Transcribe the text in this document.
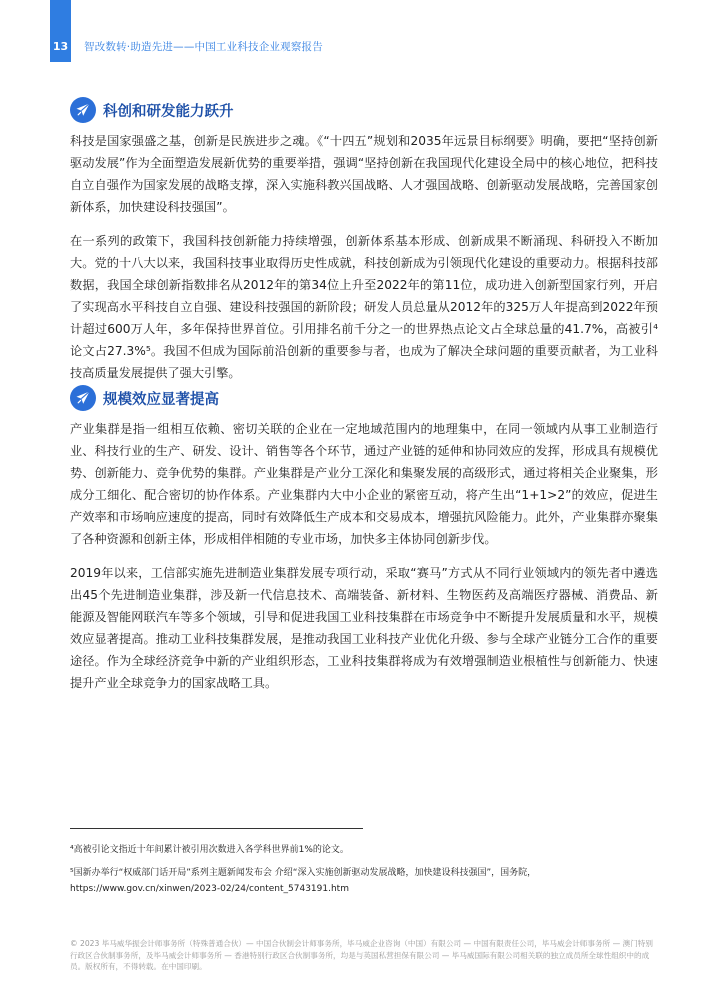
13 智改数转·助造先进——中国工业科技企业观察报告
科创和研发能力跃升

科技是国家强盛之基，创新是民族进步之魂。《“十四五”规划和2035年远景目标纲要》明确，要把“坚持创新驱动发展”作为全面塑造发展新优势的重要举措，强调“坚持创新在我国现代化建设全局中的核心地位，把科技自立自强作为国家发展的战略支撑，深入实施科教兴国战略、人才强国战略、创新驱动发展战略，完善国家创新体系，加快建设科技强国”。

在一系列的政策下，我国科技创新能力持续增强，创新体系基本形成、创新成果不断涌现、科研投入不断加大。党的十八大以来，我国科技事业取得历史性成就，科技创新成为引领现代化建设的重要动力。根据科技部数据，我国全球创新指数排名从2012年的第34位上升至2022年的第11位，成功进入创新型国家行列，开启了实现高水平科技自立自强、建设科技强国的新阶段；研发人员总量从2012年的325万人年提高到2022年预计超过600万人年，多年保持世界首位。引用排名前千分之一的世界热点论文占全球总量的41.7%，高被引⁴论文占27.3%⁵。我国不但成为国际前沿创新的重要参与者，也成为了解决全球问题的重要贡献者，为工业科技高质量发展提供了强大引擎。

规模效应显著提高

产业集群是指一组相互依赖、密切关联的企业在一定地域范围内的地理集中，在同一领域内从事工业制造行业、科技行业的生产、研发、设计、销售等各个环节，通过产业链的延伸和协同效应的发挥，形成具有规模优势、创新能力、竞争优势的集群。产业集群是产业分工深化和集聚发展的高级形式，通过将相关企业聚集，形成分工细化、配合密切的协作体系。产业集群内大中小企业的紧密互动，将产生出“1+1>2”的效应，促进生产效率和市场响应速度的提高，同时有效降低生产成本和交易成本，增强抗风险能力。此外，产业集群亦聚集了各种资源和创新主体，形成相伴相随的专业市场，加快多主体协同创新步伐。

2019年以来，工信部实施先进制造业集群发展专项行动，采取“赛马”方式从不同行业领域内的领先者中遴选出45个先进制造业集群，涉及新一代信息技术、高端装备、新材料、生物医药及高端医疗器械、消费品、新能源及智能网联汽车等多个领域，引导和促进我国工业科技集群在市场竞争中不断提升发展质量和水平，规模效应显著提高。推动工业科技集群发展，是推动我国工业科技产业优化升级、参与全球产业链分工合作的重要途径。作为全球经济竞争中新的产业组织形态，工业科技集群将成为有效增强制造业根植性与创新能力、快速提升产业全球竞争力的国家战略工具。

⁴高被引论文指近十年间累计被引用次数进入各学科世界前1%的论文。
⁵国新办举行“权威部门话开局”系列主题新闻发布会 介绍“深入实施创新驱动发展战略，加快建设科技强国”，国务院，
https://www.gov.cn/xinwen/2023-02/24/content_5743191.htm
© 2023 毕马威华振会计师事务所（特殊普通合伙）— 中国合伙制会计师事务所，毕马威企业咨询（中国）有限公司 — 中国有限责任公司，毕马威会计师事务所 — 澳门特别行政区合伙制事务所，及毕马威会计师事务所 — 香港特别行政区合伙制事务所，均是与英国私营担保有限公司 — 毕马威国际有限公司相关联的独立成员所全球性组织中的成员。版权所有，不得转载。在中国印刷。
